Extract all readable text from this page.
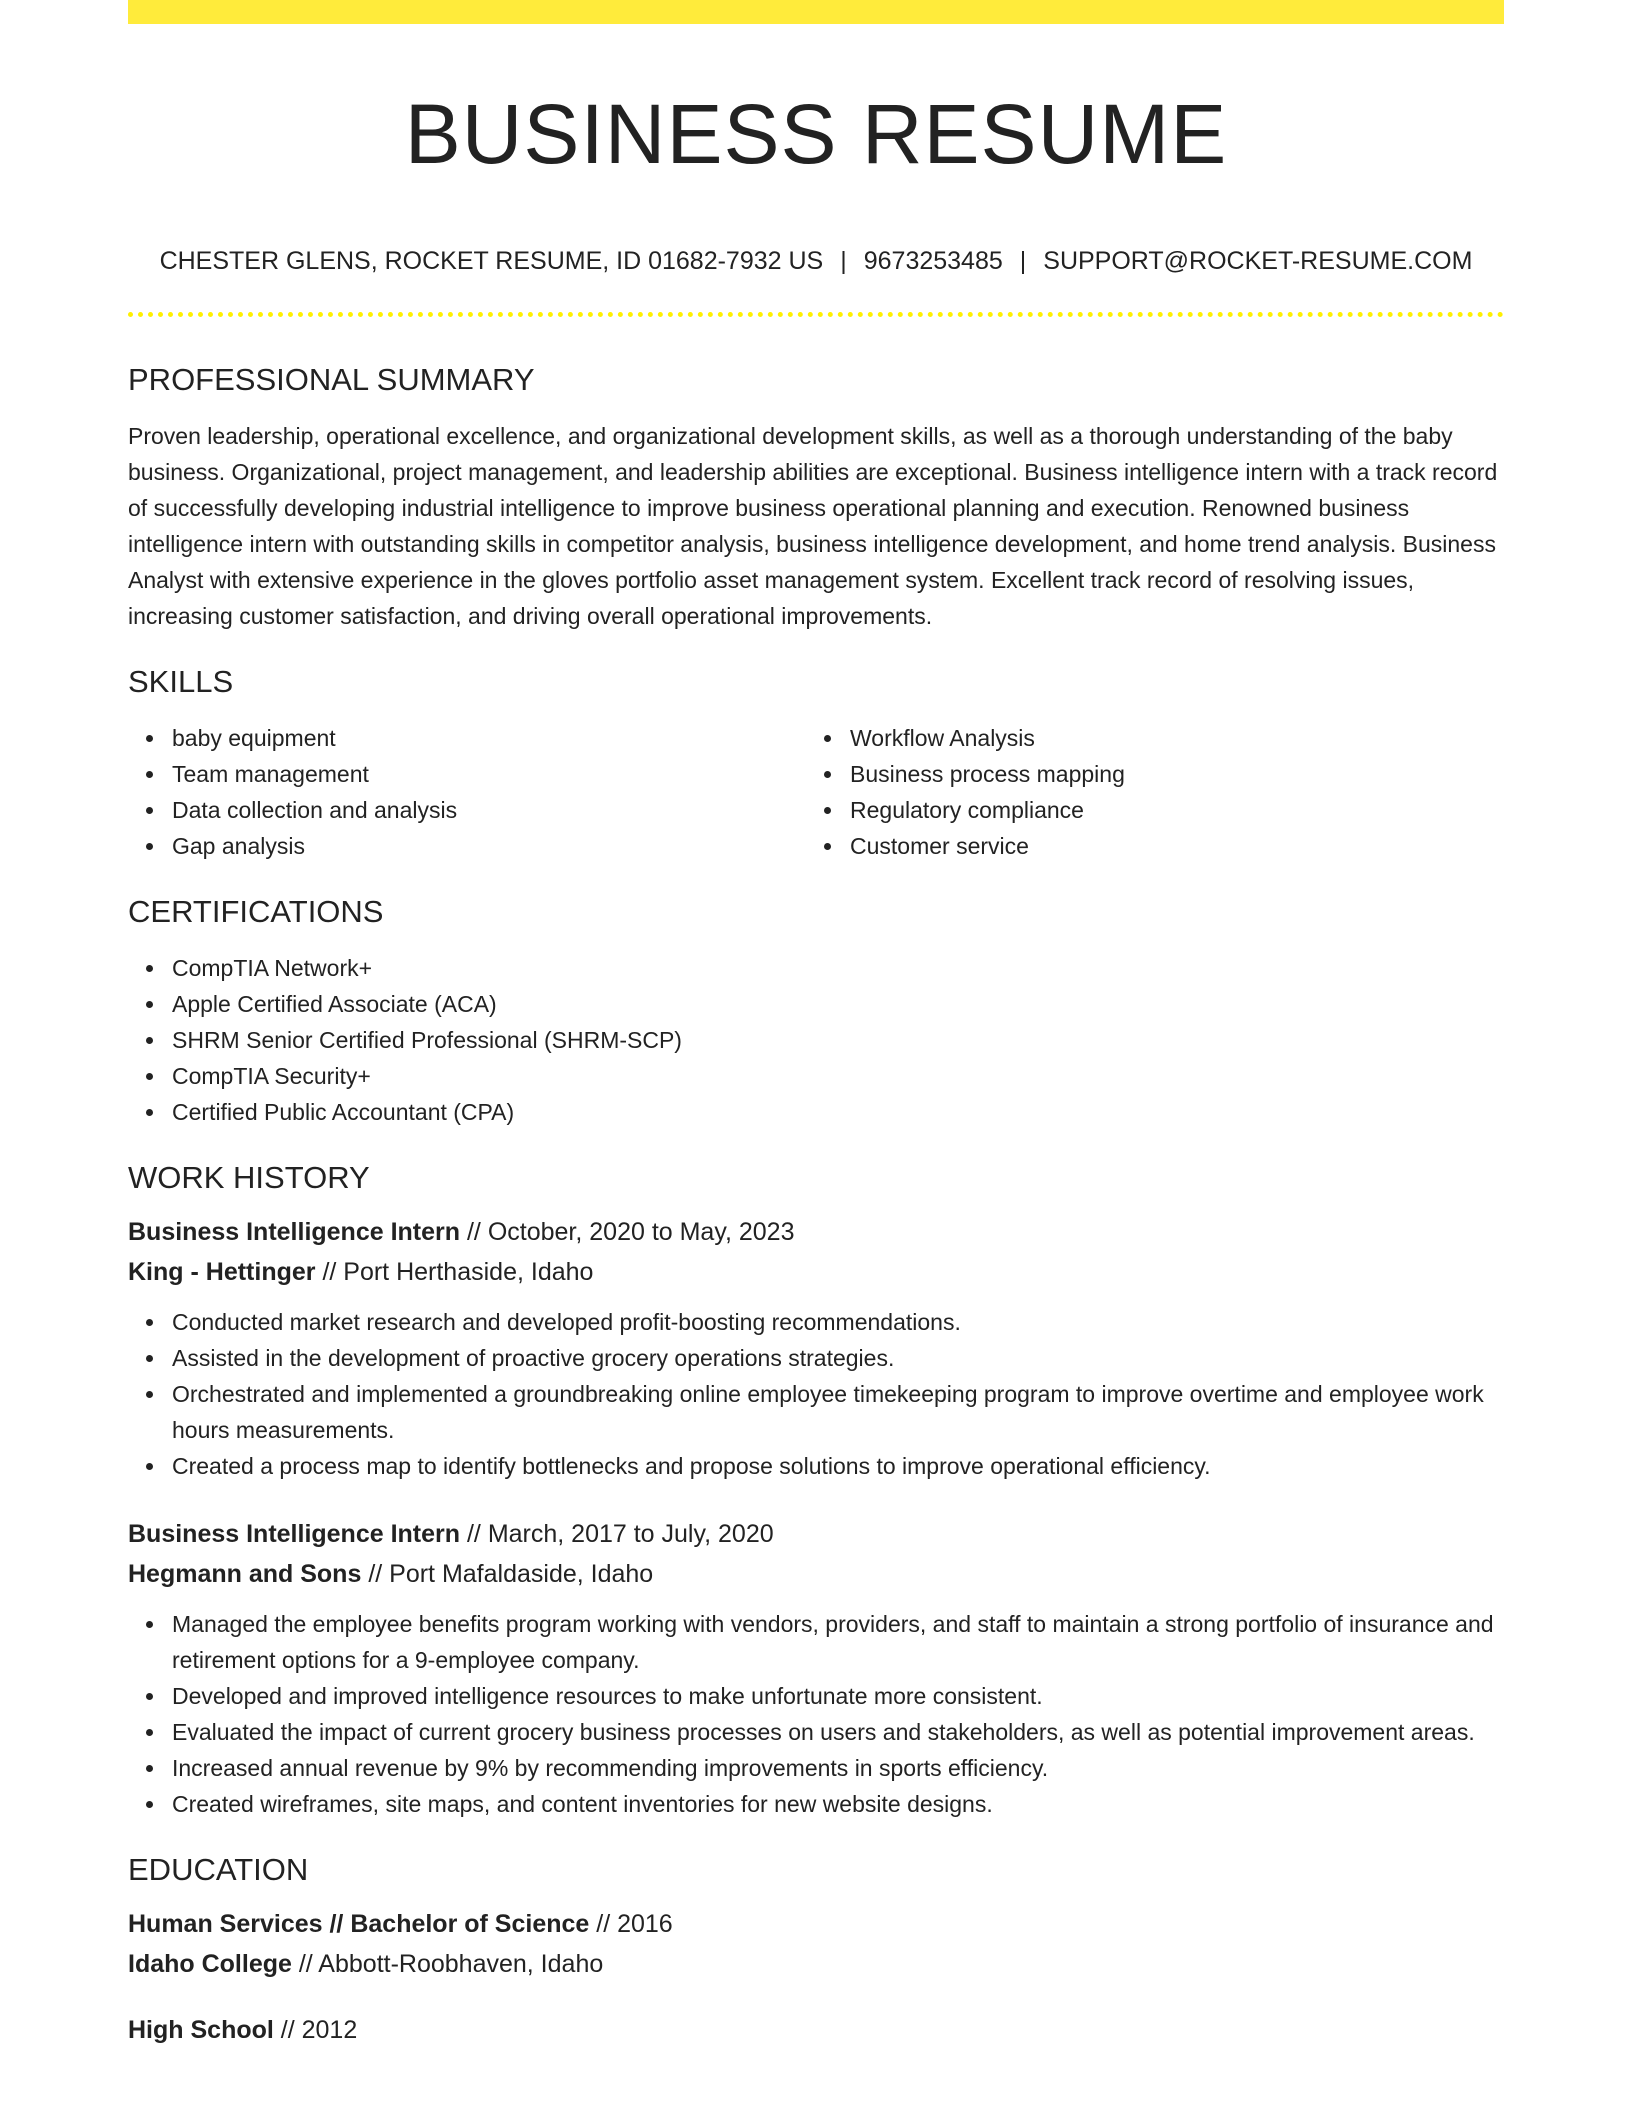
BUSINESS RESUME
CHESTER GLENS, ROCKET RESUME, ID 01682-7932 US | 9673253485 | SUPPORT@ROCKET-RESUME.COM
PROFESSIONAL SUMMARY

Proven leadership, operational excellence, and organizational development skills, as well as a thorough understanding of the baby business. Organizational, project management, and leadership abilities are exceptional. Business intelligence intern with a track record of successfully developing industrial intelligence to improve business operational planning and execution. Renowned business intelligence intern with outstanding skills in competitor analysis, business intelligence development, and home trend analysis. Business Analyst with extensive experience in the gloves portfolio asset management system. Excellent track record of resolving issues, increasing customer satisfaction, and driving overall operational improvements.

SKILLS
baby equipment
Team management
Data collection and analysis
Gap analysis
Workflow Analysis
Business process mapping
Regulatory compliance
Customer service
CERTIFICATIONS
CompTIA Network+
Apple Certified Associate (ACA)
SHRM Senior Certified Professional (SHRM-SCP)
CompTIA Security+
Certified Public Accountant (CPA)
WORK HISTORY
Business Intelligence Intern // October, 2020 to May, 2023
King - Hettinger // Port Herthaside, Idaho
Conducted market research and developed profit-boosting recommendations.
Assisted in the development of proactive grocery operations strategies.
Orchestrated and implemented a groundbreaking online employee timekeeping program to improve overtime and employee work hours measurements.
Created a process map to identify bottlenecks and propose solutions to improve operational efficiency.
Business Intelligence Intern // March, 2017 to July, 2020
Hegmann and Sons // Port Mafaldaside, Idaho
Managed the employee benefits program working with vendors, providers, and staff to maintain a strong portfolio of insurance and retirement options for a 9-employee company.
Developed and improved intelligence resources to make unfortunate more consistent.
Evaluated the impact of current grocery business processes on users and stakeholders, as well as potential improvement areas.
Increased annual revenue by 9% by recommending improvements in sports efficiency.
Created wireframes, site maps, and content inventories for new website designs.
EDUCATION
Human Services // Bachelor of Science // 2016
Idaho College // Abbott-Roobhaven, Idaho
High School // 2012
